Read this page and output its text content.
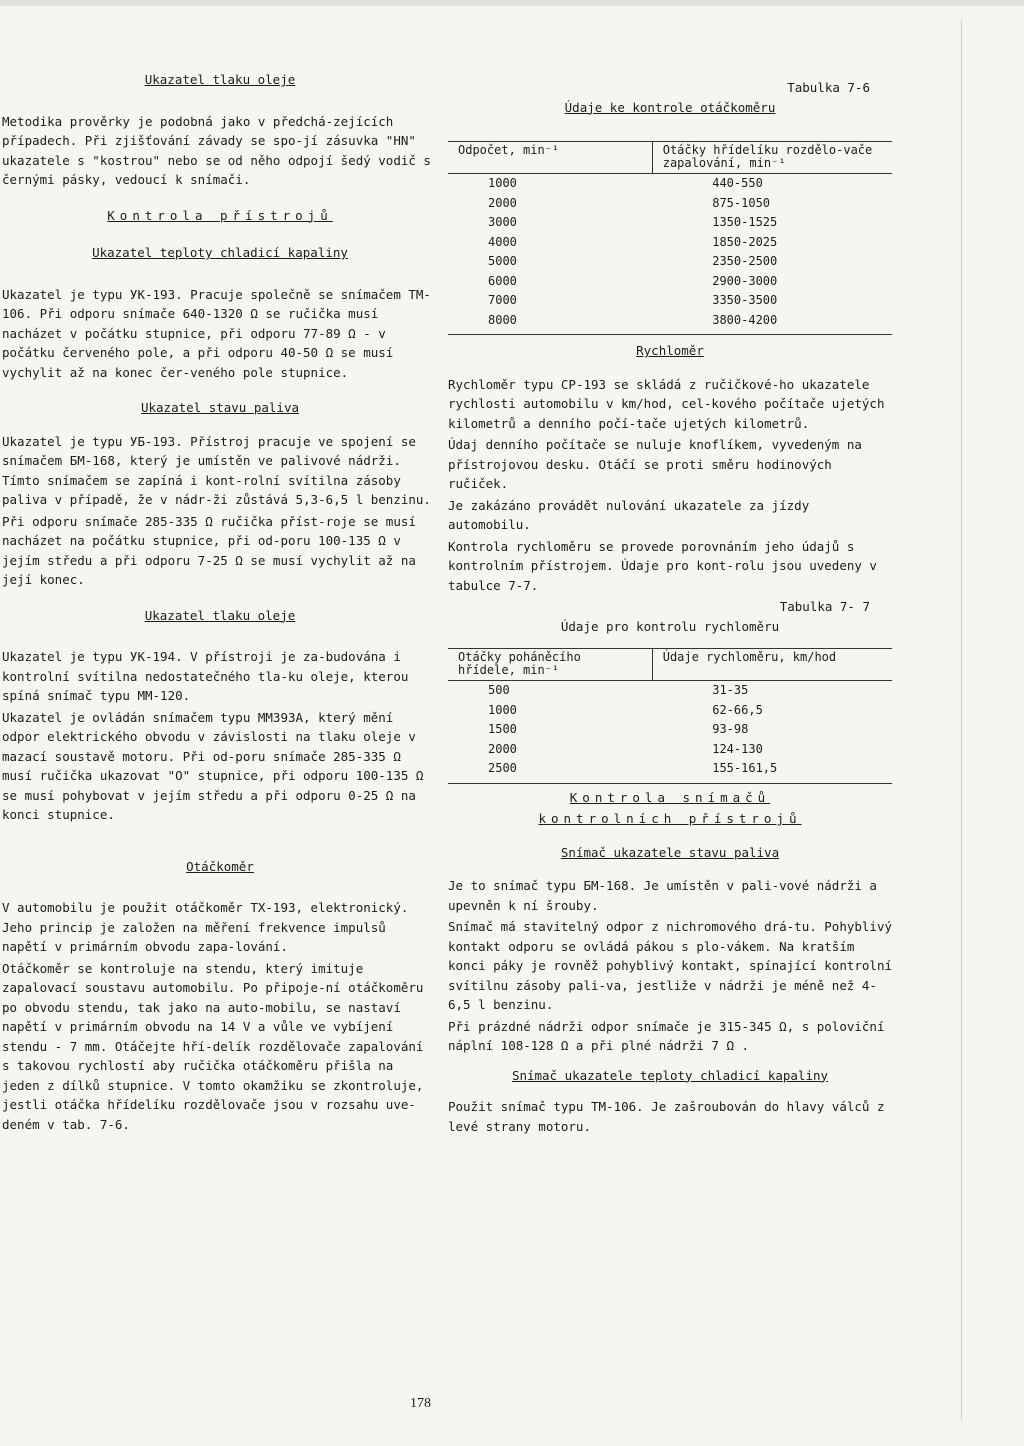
Ukazatel tlaku oleje

Metodika prověrky je podobná jako v předchá-zejících případech. Při zjišťování závady se spo-jí zásuvka "HN" ukazatele s "kostrou" nebo se od něho odpojí šedý vodič s černými pásky, vedoucí k snímači.

Kontrola přístrojů
Ukazatel teploty chladicí kapaliny

Ukazatel je typu УК-193. Pracuje společně se snímačem TM-106. Při odporu snímače 640-1320 Ω se ručička musí nacházet v počátku stupnice, při odporu 77-89 Ω - v počátku červeného pole, a při odporu 40-50 Ω se musí vychylit až na konec čer-veného pole stupnice.

Ukazatel stavu paliva

Ukazatel je typu УБ-193. Přístroj pracuje ve spojení se snímačem БМ-168, který je umístěn ve palivové nádrži. Tímto snímačem se zapíná i kont-rolní svítilna zásoby paliva v případě, že v nádr-ži zůstává 5,3-6,5 l benzinu.

Při odporu snímače 285-335 Ω ručička příst-roje se musí nacházet na počátku stupnice, při od-poru 100-135 Ω v jejím středu a při odporu 7-25 Ω se musí vychylit až na její konec.

Ukazatel tlaku oleje

Ukazatel je typu УК-194. V přístroji je za-budována i kontrolní svítilna nedostatečného tla-ku oleje, kterou spíná snímač typu MM-120.

Ukazatel je ovládán snímačem typu MM393A, který mění odpor elektrického obvodu v závislosti na tlaku oleje v mazací soustavě motoru. Při od-poru snímače 285-335 Ω musí ručička ukazovat "O" stupnice, při odporu 100-135 Ω se musí pohybovat v jejím středu a při odporu 0-25 Ω na konci stupnice.

Otáčkoměr

V automobilu je použit otáčkoměr TX-193, elektronický. Jeho princip je založen na měření frekvence impulsů napětí v primárním obvodu zapa-lování.

Otáčkoměr se kontroluje na stendu, který imituje zapalovací soustavu automobilu. Po připoje-ní otáčkoměru po obvodu stendu, tak jako na auto-mobilu, se nastaví napětí v primárním obvodu na 14 V a vůle ve vybíjení stendu - 7 mm. Otáčejte hří-delík rozdělovače zapalování s takovou rychlostí aby ručička otáčkoměru přišla na jeden z dílků stupnice. V tomto okamžiku se zkontroluje, jestli otáčka hřídelíku rozdělovače jsou v rozsahu uve-deném v tab. 7-6.

Tabulka 7-6
Údaje ke kontrole otáčkoměru
Odpočet, min⁻¹	Otáčky hřídelíku rozdělo-vače zapalování, min⁻¹
1000	440-550
2000	875-1050
3000	1350-1525
4000	1850-2025
5000	2350-2500
6000	2900-3000
7000	3350-3500
8000	3800-4200
Rychloměr

Rychloměr typu CP-193 se skládá z ručičkové-ho ukazatele rychlosti automobilu v km/hod, cel-kového počítače ujetých kilometrů a denního počí-tače ujetých kilometrů.

Údaj denního počítače se nuluje knoflíkem, vyvedeným na přístrojovou desku. Otáčí se proti směru hodinových ručiček.

Je zakázáno provádět nulování ukazatele za jízdy automobilu.

Kontrola rychloměru se provede porovnáním jeho údajů s kontrolním přístrojem. Údaje pro kont-rolu jsou uvedeny v tabulce 7-7.

Tabulka 7- 7
Údaje pro kontrolu rychloměru
Otáčky poháněcího hřídele, min⁻¹	Údaje rychloměru, km/hod
500	31-35
1000	62-66,5
1500	93-98
2000	124-130
2500	155-161,5
Kontrola snímačů
kontrolních přístrojů
Snímač ukazatele stavu paliva

Je to snímač typu БМ-168. Je umístěn v pali-vové nádrži a upevněn k ní šrouby.

Snímač má stavitelný odpor z nichromového drá-tu. Pohyblivý kontakt odporu se ovládá pákou s plo-vákem. Na kratším konci páky je rovněž pohyblivý kontakt, spínající kontrolní svítilnu zásoby pali-va, jestliže v nádrži je méně než 4-6,5 l benzinu.

Při prázdné nádrži odpor snímače je 315-345 Ω, s poloviční náplní 108-128 Ω a při plné nádrži 7 Ω .

Snímač ukazatele teploty chladicí kapaliny

Použit snímač typu TM-106. Je zašroubován do hlavy válců z levé strany motoru.

178
